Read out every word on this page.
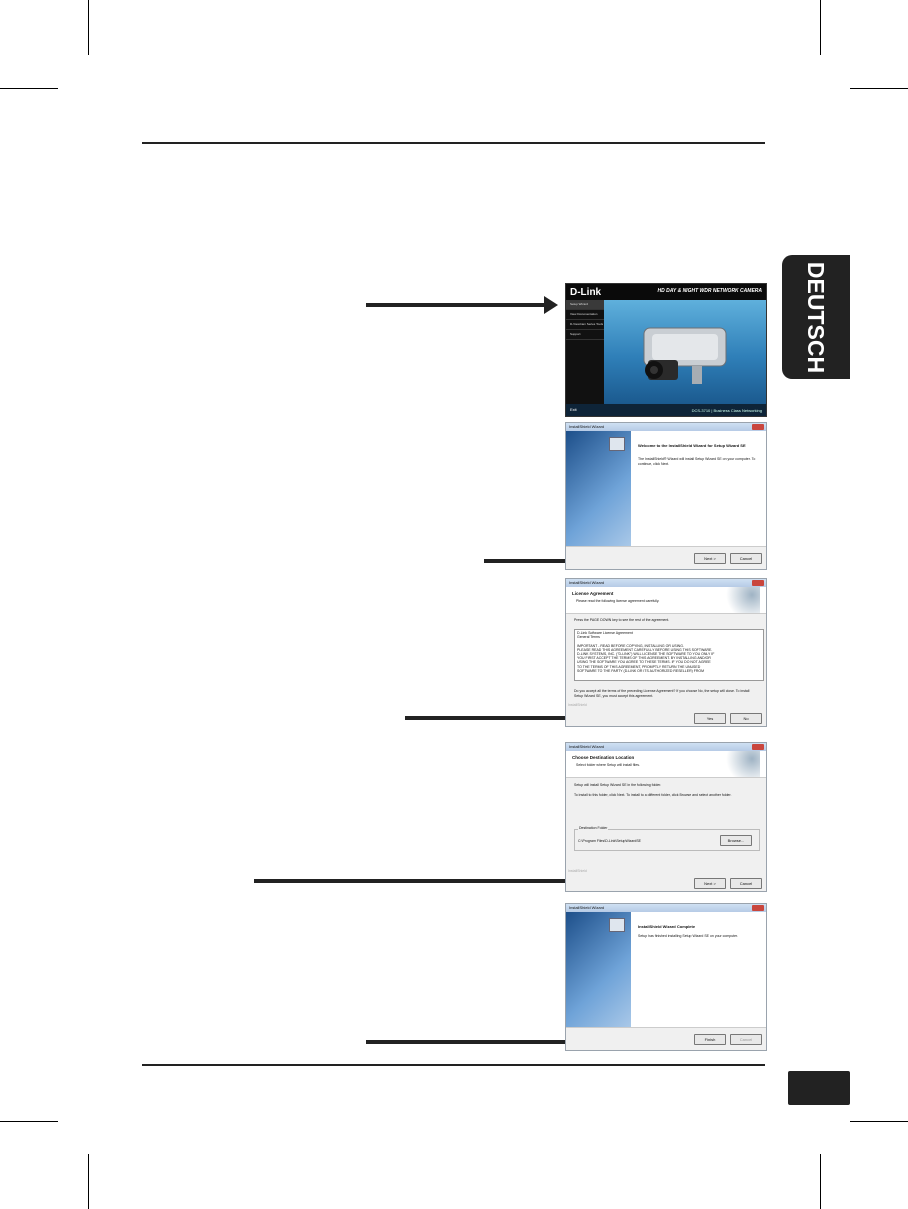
DEUTSCH
D-Link	HD DAY & NIGHT WDR NETWORK CAMERA
Setup Wizard
View Documentation
D-ViewCam Series Tools
Support
Exit	DCS-3710 | Business Class Networking
InstallShield Wizard
Welcome to the InstallShield Wizard for Setup Wizard SE
The InstallShield® Wizard will install Setup Wizard SE on your computer. To continue, click Next.
Next >	Cancel
InstallShield Wizard
License Agreement
Please read the following license agreement carefully.
Press the PAGE DOWN key to see the rest of the agreement.
D-Link Software License Agreement
General Terms

IMPORTANT - READ BEFORE COPYING, INSTALLING OR USING.
PLEASE READ THIS AGREEMENT CAREFULLY BEFORE USING THIS SOFTWARE.
D-LINK SYSTEMS, INC. ("D-LINK") WILL LICENSE THE SOFTWARE TO YOU ONLY IF
YOU FIRST ACCEPT THE TERMS OF THIS AGREEMENT. BY INSTALLING AND/OR
USING THE SOFTWARE YOU AGREE TO THESE TERMS. IF YOU DO NOT AGREE
TO THE TERMS OF THIS AGREEMENT, PROMPTLY RETURN THE UNUSED
SOFTWARE TO THE PARTY (D-LINK OR ITS AUTHORIZED RESELLER) FROM
Do you accept all the terms of the preceding License Agreement? If you choose No, the setup will close. To install Setup Wizard SE, you must accept this agreement.
InstallShield
Yes	No
InstallShield Wizard
Choose Destination Location
Select folder where Setup will install files.
Setup will install Setup Wizard SE in the following folder.
To install to this folder, click Next. To install to a different folder, click Browse and select another folder.
Destination Folder
C:\Program Files\D-Link\SetupWizardSE	Browse...
InstallShield
Next >	Cancel
InstallShield Wizard
InstallShield Wizard Complete
Setup has finished installing Setup Wizard SE on your computer.
Finish	Cancel
